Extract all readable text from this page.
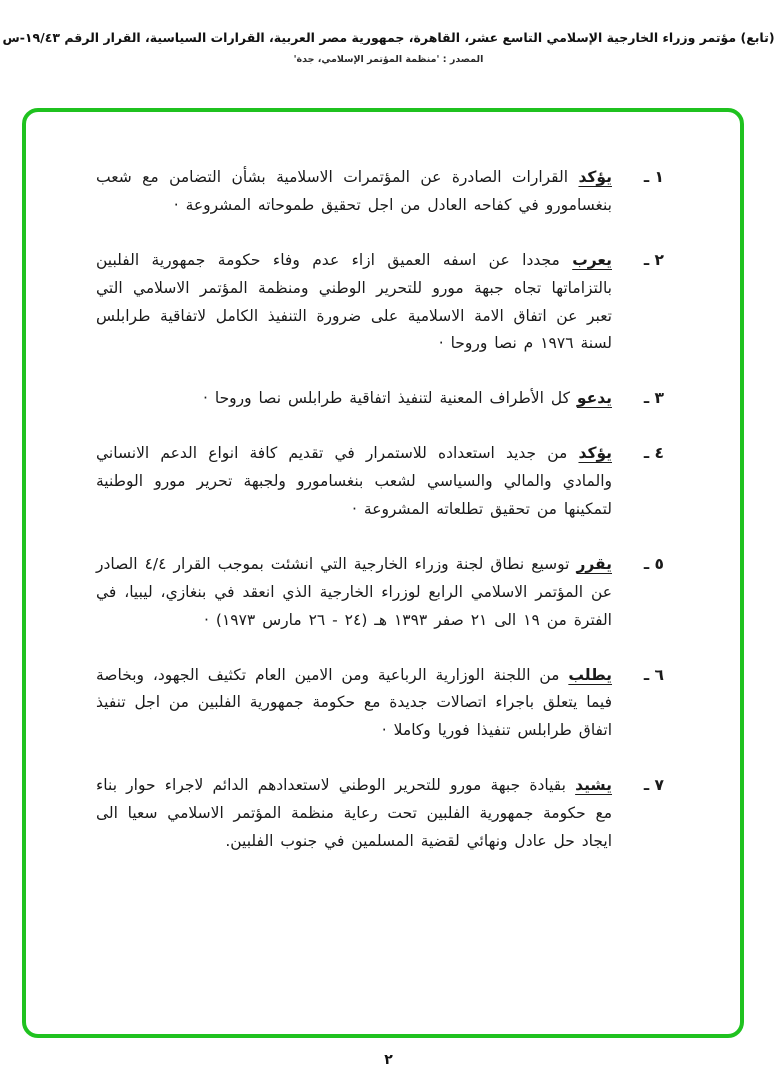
(تابع) مؤتمر وزراء الخارجية الإسلامي التاسع عشر، القاهرة، جمهورية مصر العربية، القرارات السياسية، القرار الرقم ١٩/٤٣-س
المصدر : 'منظمة المؤتمر الإسلامي، جدة'
١ ـ
يؤكد القرارات الصادرة عن المؤتمرات الاسلامية بشأن التضامن مع شعب بنغسامورو في كفاحه العادل من اجل تحقيق طموحاته المشروعة ·
٢ ـ
يعرب مجددا عن اسفه العميق ازاء عدم وفاء حكومة جمهورية الفلبين بالتزاماتها تجاه جبهة مورو للتحرير الوطني ومنظمة المؤتمر الاسلامي التي تعبر عن اتفاق الامة الاسلامية على ضرورة التنفيذ الكامل لاتفاقية طرابلس لسنة ١٩٧٦ م نصا وروحا ·
٣ ـ
يدعو كل الأطراف المعنية لتنفيذ اتفاقية طرابلس نصا وروحا ·
٤ ـ
يؤكد من جديد استعداده للاستمرار في تقديم كافة انواع الدعم الانساني والمادي والمالي والسياسي لشعب بنغسامورو ولجبهة تحرير مورو الوطنية لتمكينها من تحقيق تطلعاته المشروعة ·
٥ ـ
يقرر توسيع نطاق لجنة وزراء الخارجية التي انشئت بموجب القرار ٤/٤ الصادر عن المؤتمر الاسلامي الرابع لوزراء الخارجية الذي انعقد في بنغازي، ليبيا، في الفترة من ١٩ الى ٢١ صفر ١٣٩٣ هـ (٢٤ - ٢٦ مارس ١٩٧٣) ·
٦ ـ
يطلب من اللجنة الوزارية الرباعية ومن الامين العام تكثيف الجهود، وبخاصة فيما يتعلق باجراء اتصالات جديدة مع حكومة جمهورية الفلبين من اجل تنفيذ اتفاق طرابلس تنفيذا فوريا وكاملا ·
٧ ـ
يشيد بقيادة جبهة مورو للتحرير الوطني لاستعدادهم الدائم لاجراء حوار بناء مع حكومة جمهورية الفلبين تحت رعاية منظمة المؤتمر الاسلامي سعيا الى ايجاد حل عادل ونهائي لقضية المسلمين في جنوب الفلبين.
٢
